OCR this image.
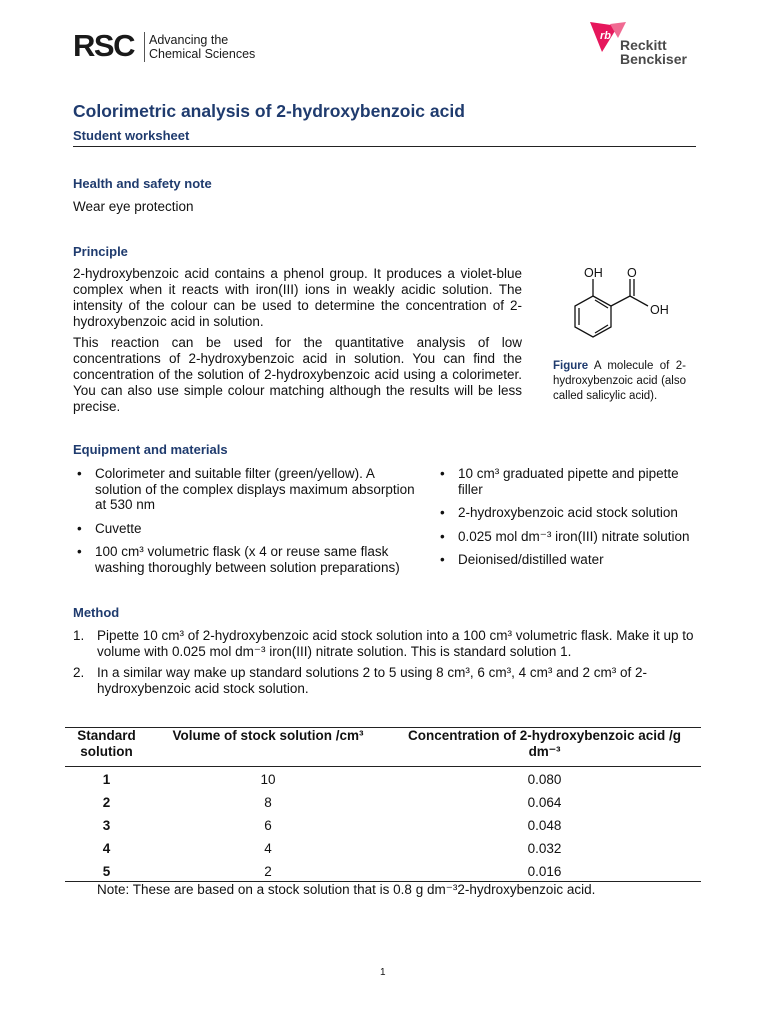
RSC Advancing the
Chemical Sciences
rb
Reckitt
Benckiser
Colorimetric analysis of 2-hydroxybenzoic acid
Student worksheet
Health and safety note
Wear eye protection
Principle
2-hydroxybenzoic acid contains a phenol group. It produces a violet-blue complex when it reacts with iron(III) ions in weakly acidic solution. The intensity of the colour can be used to determine the concentration of 2-hydroxybenzoic acid in solution.
This reaction can be used for the quantitative analysis of low concentrations of 2-hydroxybenzoic acid in solution. You can find the concentration of the solution of 2-hydroxybenzoic acid using a colorimeter. You can also use simple colour matching although the results will be less precise.
OH O
OH
Figure A molecule of 2-hydroxybenzoic acid (also called salicylic acid).
Equipment and materials
• Colorimeter and suitable filter (green/yellow). A solution of the complex displays maximum absorption at 530 nm
• Cuvette
• 100 cm³ volumetric flask (x 4 or reuse same flask washing thoroughly between solution preparations)
• 10 cm³ graduated pipette and pipette filler
• 2-hydroxybenzoic acid stock solution
• 0.025 mol dm⁻³ iron(III) nitrate solution
• Deionised/distilled water
Method
1. Pipette 10 cm³ of 2-hydroxybenzoic acid stock solution into a 100 cm³ volumetric flask. Make it up to volume with 0.025 mol dm⁻³ iron(III) nitrate solution. This is standard solution 1.
2. In a similar way make up standard solutions 2 to 5 using 8 cm³, 6 cm³, 4 cm³ and 2 cm³ of 2-hydroxybenzoic acid stock solution.
Standard solution	Volume of stock solution /cm³	Concentration of 2-hydroxybenzoic acid /g dm⁻³
1	10	0.080
2	8	0.064
3	6	0.048
4	4	0.032
5	2	0.016
Note: These are based on a stock solution that is 0.8 g dm⁻³2-hydroxybenzoic acid.
1
